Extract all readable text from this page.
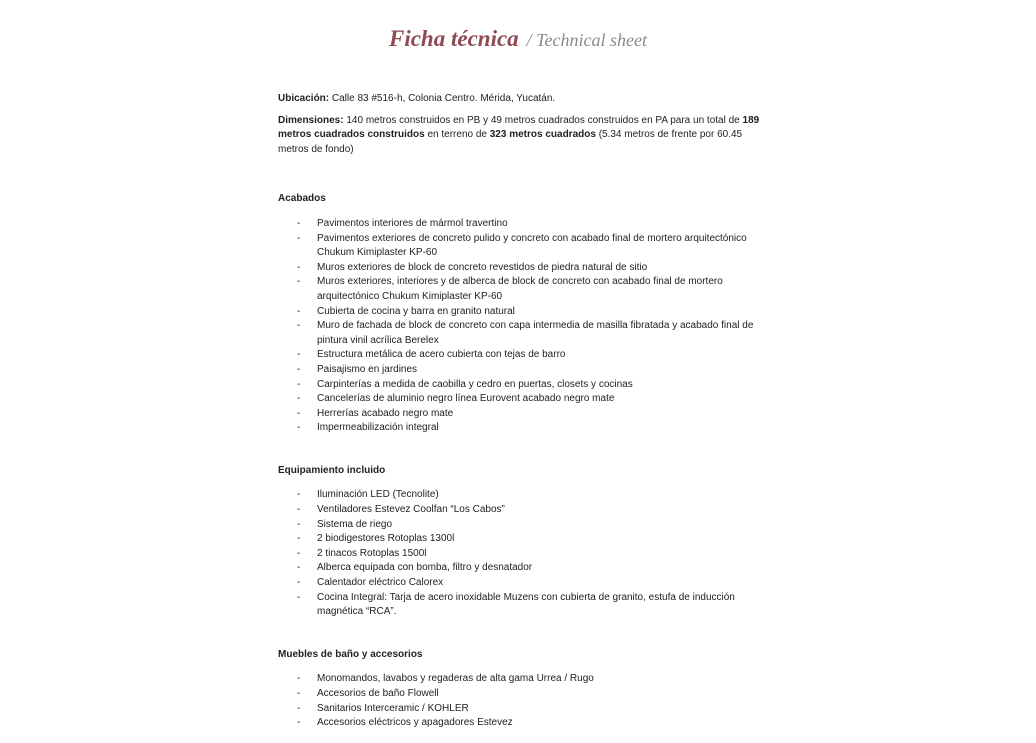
Ficha técnica / Technical sheet

Ubicación: Calle 83 #516-h, Colonia Centro. Mérida, Yucatán.

Dimensiones: 140 metros construidos en PB y 49 metros cuadrados construidos en PA para un total de 189 metros cuadrados construidos en terreno de 323 metros cuadrados (5.34 metros de frente por 60.45 metros de fondo)

Acabados

- Pavimentos interiores de mármol travertino
- Pavimentos exteriores de concreto pulido y concreto con acabado final de mortero arquitectónico Chukum Kimiplaster KP-60
- Muros exteriores de block de concreto revestidos de piedra natural de sitio
- Muros exteriores, interiores y de alberca de block de concreto con acabado final de mortero arquitectónico Chukum Kimiplaster KP-60
- Cubierta de cocina y barra en granito natural
- Muro de fachada de block de concreto con capa intermedia de masilla fibratada y acabado final de pintura vinil acrílica Berelex
- Estructura metálica de acero cubierta con tejas de barro
- Paisajismo en jardines
- Carpinterías a medida de caobilla y cedro en puertas, closets y cocinas
- Cancelerías de aluminio negro línea Eurovent acabado negro mate
- Herrerías acabado negro mate
- Impermeabilización integral

Equipamiento incluido

- Iluminación LED (Tecnolite)
- Ventiladores Estevez Coolfan “Los Cabos”
- Sistema de riego
- 2 biodigestores Rotoplas 1300l
- 2 tinacos Rotoplas 1500l
- Alberca equipada con bomba, filtro y desnatador
- Calentador eléctrico Calorex
- Cocina Integral: Tarja de acero inoxidable Muzens con cubierta de granito, estufa de inducción magnética “RCA”.

Muebles de baño y accesorios

- Monomandos, lavabos y regaderas de alta gama Urrea / Rugo
- Accesorios de baño Flowell
- Sanitarios Interceramic / KOHLER
- Accesorios eléctricos y apagadores Estevez
